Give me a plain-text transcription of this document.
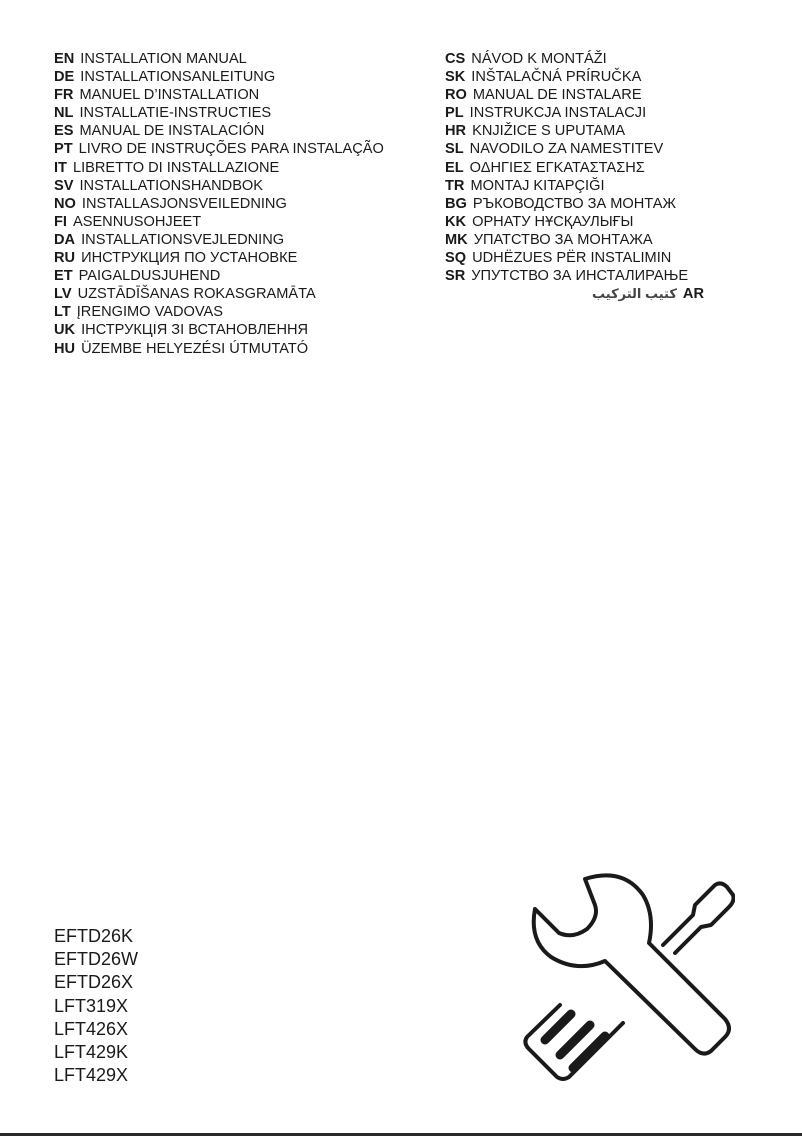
EN INSTALLATION MANUAL
DE INSTALLATIONSANLEITUNG
FR MANUEL D’INSTALLATION
NL INSTALLATIE-INSTRUCTIES
ES MANUAL DE INSTALACIÓN
PT LIVRO DE INSTRUÇÕES PARA INSTALAÇÃO
IT LIBRETTO DI INSTALLAZIONE
SV INSTALLATIONSHANDBOK
NO INSTALLASJONSVEILEDNING
FI ASENNUSOHJEET
DA INSTALLATIONSVEJLEDNING
RU ИНСТРУКЦИЯ ПО УСТАНОВКЕ
ET PAIGALDUSJUHEND
LV UZSTĀDĪŠANAS ROKASGRAMĀTA
LT ĮRENGIMO VADOVAS
UK ІНСТРУКЦІЯ ЗІ ВСТАНОВЛЕННЯ
HU ÜZEMBE HELYEZÉSI ÚTMUTATÓ
CS NÁVOD K MONTÁŽI
SK INŠTALAČNÁ PRÍRUČKA
RO MANUAL DE INSTALARE
PL INSTRUKCJA INSTALACJI
HR KNJIŽICE S UPUTAMA
SL NAVODILO ZA NAMESTITEV
EL ΟΔΗΓΙΕΣ ΕΓΚΑΤΑΣΤΑΣΗΣ
TR MONTAJ KITAPÇIĞI
BG РЪКОВОДСТВО ЗА МОНТАЖ
KK ОРНАТУ НҰСҚАУЛЫҒЫ
MK УПАТСТВО ЗА МОНТАЖА
SQ UDHËZUES PËR INSTALIMIN
SR УПУТСТВО ЗА ИНСТАЛИРАЊЕ
كتيب التركيب AR
EFTD26K
EFTD26W
EFTD26X
LFT319X
LFT426X
LFT429K
LFT429X
